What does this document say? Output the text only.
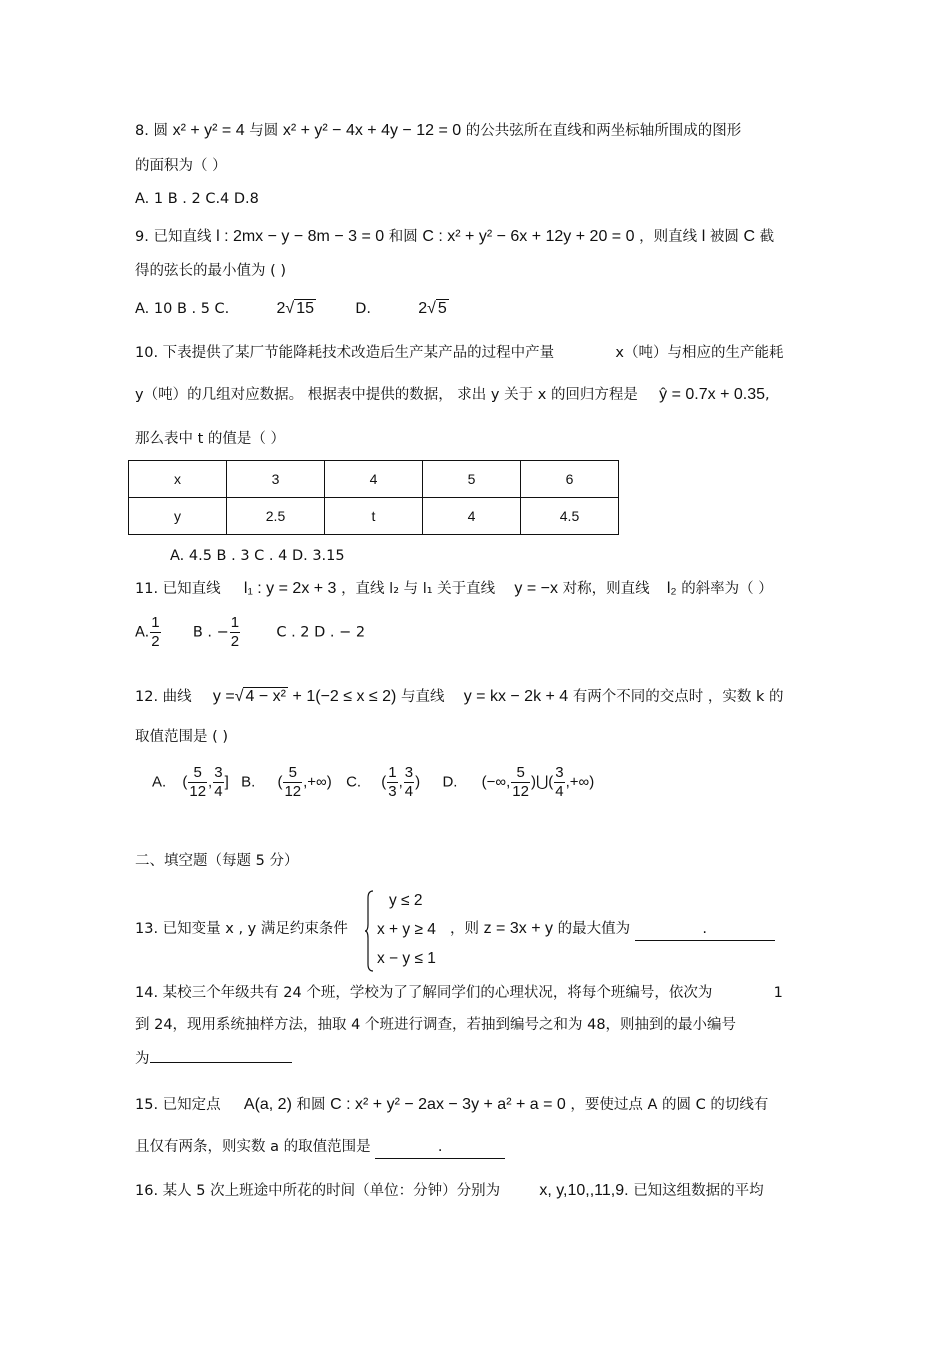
8. 圆 x² + y² = 4 与圆 x² + y² − 4x + 4y − 12 = 0 的公共弦所在直线和两坐标轴所围成的图形
的面积为（ ）
A. 1 B . 2 C.4 D.8
9. 已知直线 l : 2mx − y − 8m − 3 = 0 和圆 C : x² + y² − 6x + 12y + 20 = 0 ，则直线 l 被圆 C 截
得的弦长的最小值为 ( )
A. 10 B . 5 C.	2√ 15	D.	2√ 5
10. 下表提供了某厂节能降耗技术改造后生产某产品的过程中产量	x（吨）与相应的生产能耗
y（吨）的几组对应数据。 根据表中提供的数据， 求出 y 关于 x 的回归方程是 ŷ = 0.7x + 0.35,
那么表中 t 的值是（ ）
x	3	4	5	6
y	2.5	t	4	4.5
A. 4.5 B . 3 C . 4 D. 3.15
11. 已知直线 l₁ : y = 2x + 3 ，直线 l₂ 与 l₁ 关于直线 y = −x 对称，则直线 l₂ 的斜率为（ ）
A. $\frac{1}{2}$ B . − $\frac{1}{2}$ C . 2 D . − 2
12. 曲线 y =√ 4 − x² + 1(−2 ≤ x ≤ 2) 与直线 y = kx − 2k + 4 有两个不同的交点时 ，实数 k 的
取值范围是 ( )
A. ( $\frac{5}{12}$ , $\frac{3}{4}$ ]  B. ( $\frac{5}{12}$ ,+∞)  C. ( $\frac{1}{3}$ , $\frac{3}{4}$ )  D. (−∞, $\frac{5}{12}$ )⋃( $\frac{3}{4}$ ,+∞)
二、填空题（每题 5 分）
13. 已知变量 x , y 满足约束条件
y ≤ 2
x + y ≥ 4
x − y ≤ 1
，则 z = 3x + y 的最大值为	.
14. 某校三个年级共有 24 个班，学校为了了解同学们的心理状况，将每个班编号，依次为	1
到 24，现用系统抽样方法，抽取 4 个班进行调查，若抽到编号之和为 48，则抽到的最小编号
为
15. 已知定点 A(a, 2) 和圆 C : x² + y² − 2ax − 3y + a² + a = 0 ，要使过点 A 的圆 C 的切线有
且仅有两条，则实数 a 的取值范围是	.
16. 某人 5 次上班途中所花的时间（单位：分钟）分别为 x, y,10,,11,9. 已知这组数据的平均
